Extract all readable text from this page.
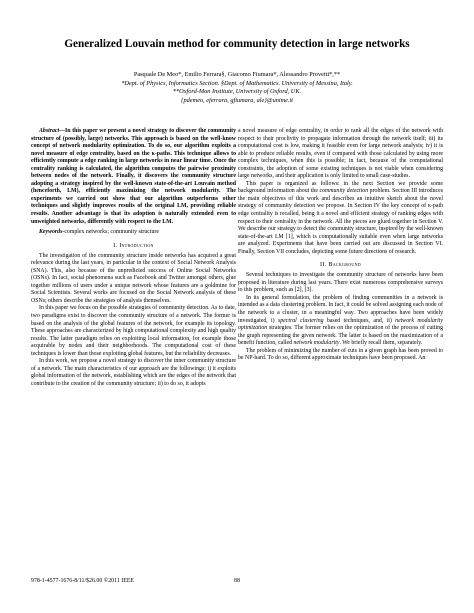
Generalized Louvain method for community detection in large networks
Pasquale De Meo*, Emilio Ferrara§, Giacomo Fiumara*, Alessandro Provetti*,**
*Dept. of Physics, Informatics Section. §Dept. of Mathematics. University of Messina, Italy.
**Oxford-Man Institute, University of Oxford, UK.
{pdemeo, eferrara, gfiumara, ale}@unime.it

Abstract—In this paper we present a novel strategy to discover the community structure of (possibly, large) networks. This approach is based on the well-know concept of network modularity optimization. To do so, our algorithm exploits a novel measure of edge centrality, based on the κ-paths. This technique allows to efficiently compute a edge ranking in large networks in near linear time. Once the centrality ranking is calculated, the algorithm computes the pairwise proximity between nodes of the network. Finally, it discovers the community structure adopting a strategy inspired by the well-known state-of-the-art Louvain method (henceforth, LM), efficiently maximizing the network modularity. The experiments we carried out show that our algorithm outperforms other techniques and slightly improves results of the original LM, providing reliable results. Another advantage is that its adoption is naturally extended even to unweighted networks, differently with respect to the LM.

Keywords-complex networks; community structure

I. Introduction

The investigation of the community structure inside networks has acquired a great relevance during the last years, in particular in the context of Social Network Analysis (SNA). This, also because of the unpredicted success of Online Social Networks (OSNs). In fact, social phenomena such as Facebook and Twitter amongst others, glue together millions of users under a unique network whose features are a goldmine for Social Scientists. Several works are focused on the Social Network analysis of these OSNs; others describe the strategies of analysis themselves.

In this paper we focus on the possible strategies of community detection. As to date, two paradigms exist to discover the community structure of a network. The former is based on the analysis of the global features of the network, for example its topology. These approaches are characterized by high computational complexity and high quality results. The latter paradigm relies on exploiting local information, for example those acquirable by nodes and their neighborhoods. The computational cost of these techniques is lower than those exploiting global features, but the reliability decreases.

In this work, we propose a novel strategy to discover the inner community structure of a network. The main characteristics of our approach are the followings: i) it exploits global information of the network, establishing which are the edges of the network that contribute to the creation of the community structure; ii) to do so, it adopts

a novel measure of edge centrality, in order to rank all the edges of the network with respect to their proclivity to propagate information through the network itself; iii) its computational cost is low, making it feasible even for large network analysis; iv) it is able to produce reliable results, even if compared with those calculated by using more complex techniques, when this is possible; in fact, because of the computational constraints, the adoption of some existing techniques is not viable when considering large networks, and their application is only limited to small case-studies.

This paper is organized as follows: in the next Section we provide some background information about the community detection problem. Section III introduces the main objectives of this work and describes an intuitive sketch about the novel strategy of community detection we propose. In Section IV the key concept of κ-path edge centrality is recalled, being it a novel and efficient strategy of ranking edges with respect to their centrality in the network. All the pieces are glued together in Section V. We describe our strategy to detect the community structure, inspired by the well-known state-of-the-art LM [1], which is computationally suitable even when large networks are analyzed. Experiments that have been carried out are discussed in Section VI. Finally, Section VII concludes, depicting some future directions of research.

II. Background

Several techniques to investigate the community structure of networks have been proposed in literature during last years. There exist numerous comprehensive surveys to this problem, such as [2], [3].

In its general formulation, the problem of finding communities in a network is intended as a data clustering problem. In fact, it could be solved assigning each node of the network to a cluster, in a meaningful way. Two approaches have been widely investigated, i) spectral clustering based techniques, and, ii) network modularity optimization strategies. The former relies on the optimization of the process of cutting the graph representing the given network. The latter is based on the maximization of a benefit function, called network modularity. We briefly recall them, separately.

The problem of minimizing the number of cuts in a given graph has been proved to be NP-hard. To do so, different approximate techniques have been proposed. An

978-1-4577-1676-8/11/$26.00 ©2011 IEEE	88
